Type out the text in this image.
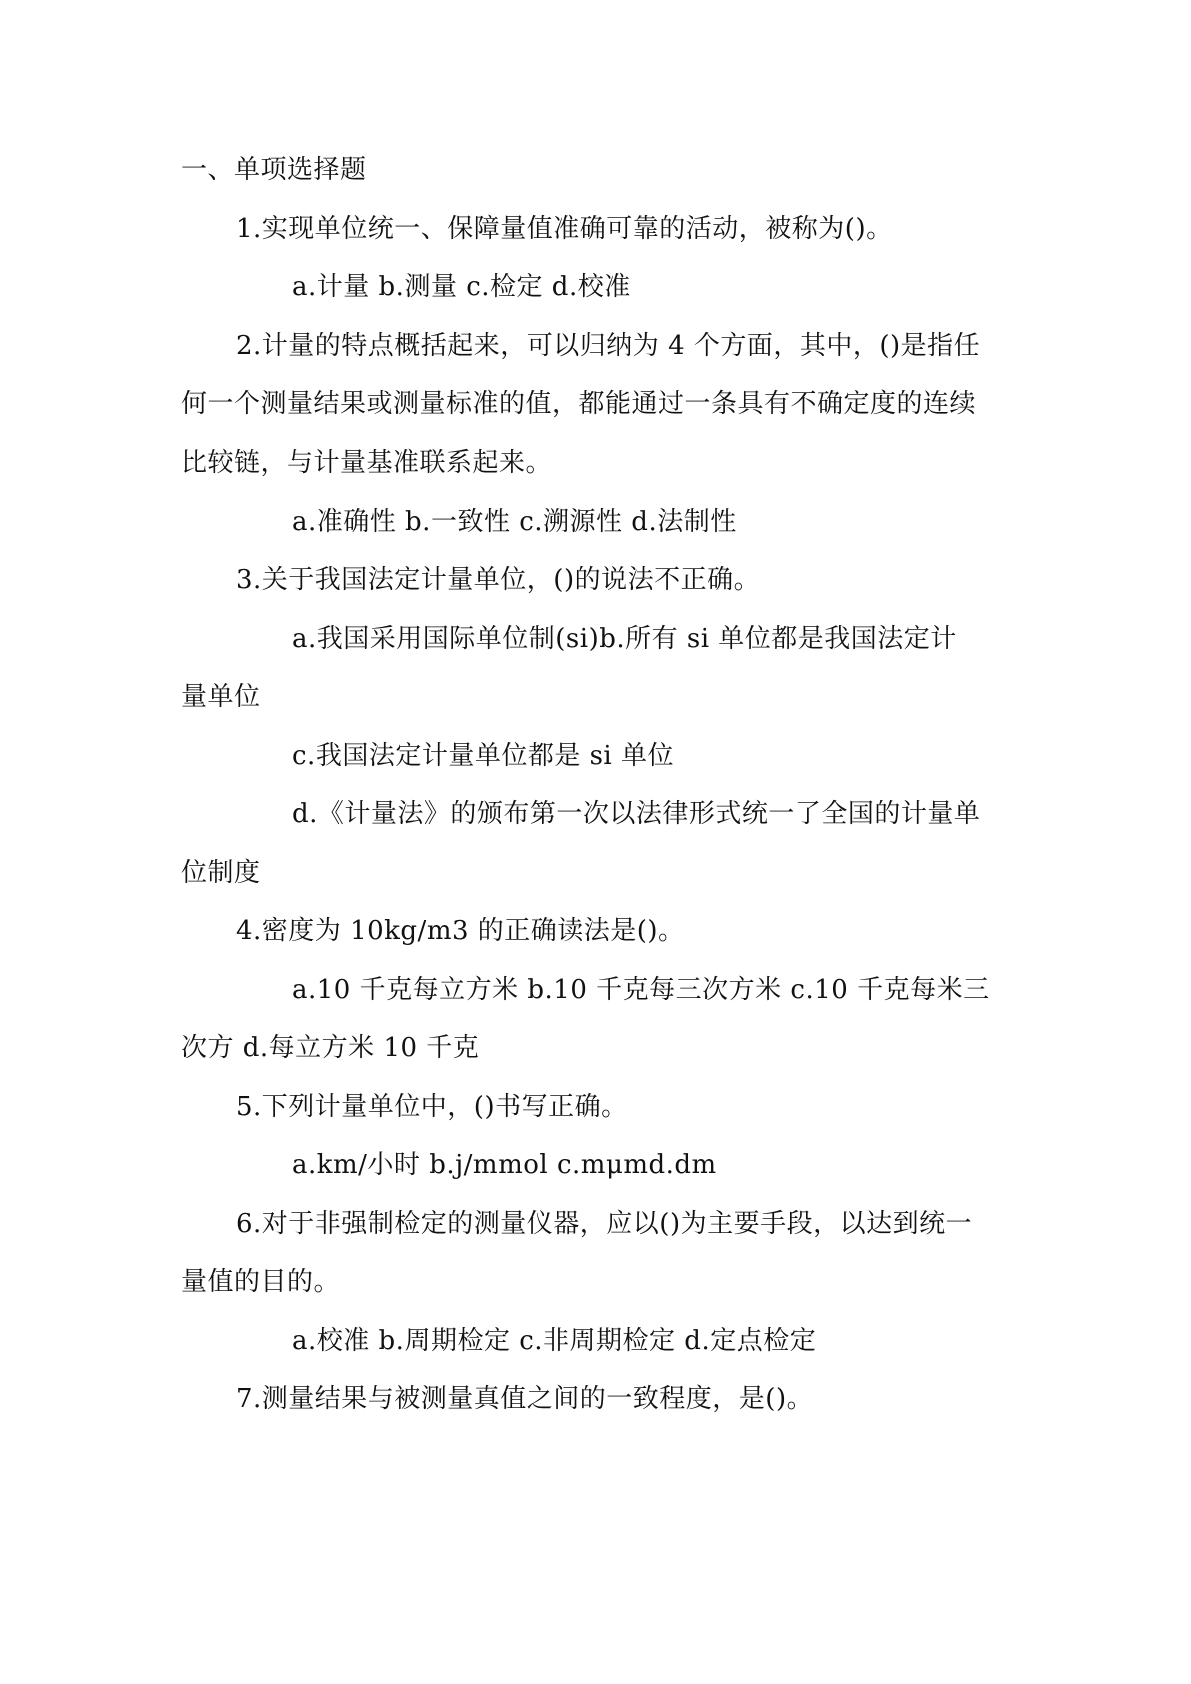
一、单项选择题
1.实现单位统一、保障量值准确可靠的活动，被称为()。
a.计量 b.测量 c.检定 d.校准
2.计量的特点概括起来，可以归纳为 4 个方面，其中，()是指任
何一个测量结果或测量标准的值，都能通过一条具有不确定度的连续
比较链，与计量基准联系起来。
a.准确性 b.一致性 c.溯源性 d.法制性
3.关于我国法定计量单位，()的说法不正确。
a.我国采用国际单位制(si)b.所有 si 单位都是我国法定计
量单位
c.我国法定计量单位都是 si 单位
d.《计量法》的颁布第一次以法律形式统一了全国的计量单
位制度
4.密度为 10kg/m3 的正确读法是()。
a.10 千克每立方米 b.10 千克每三次方米 c.10 千克每米三
次方 d.每立方米 10 千克
5.下列计量单位中，()书写正确。
a.km/小时 b.j/mmol c.mμmd.dm
6.对于非强制检定的测量仪器，应以()为主要手段，以达到统一
量值的目的。
a.校准 b.周期检定 c.非周期检定 d.定点检定
7.测量结果与被测量真值之间的一致程度，是()。
